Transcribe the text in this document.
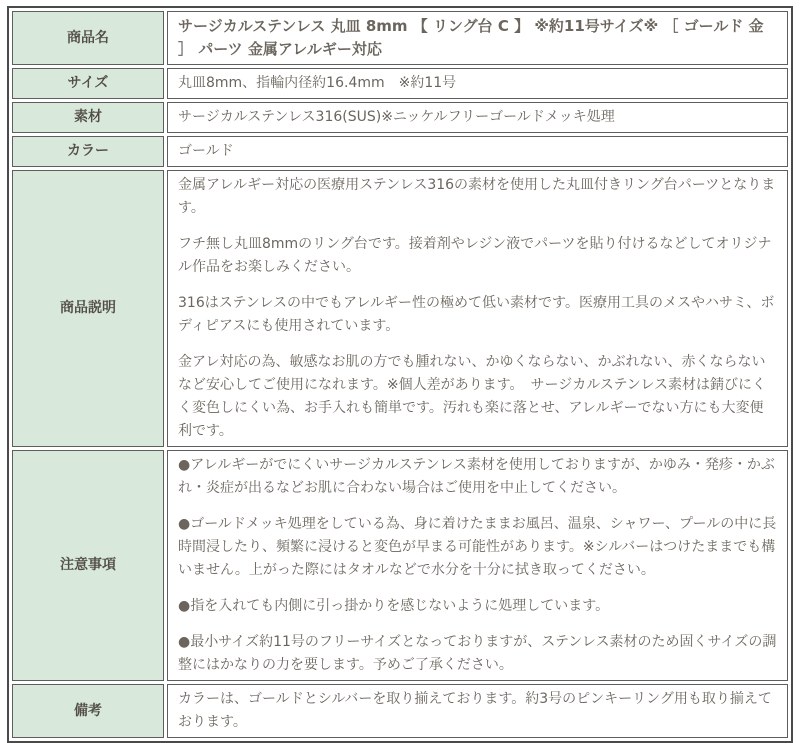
商品名	サージカルステンレス 丸皿 8mm 【 リング台 C 】 ※約11号サイズ※ ［ ゴールド 金 ］ パーツ 金属アレルギー対応

サイズ	丸皿8mm、指輪内径約16.4mm　※約11号

素材	サージカルステンレス316(SUS)※ニッケルフリーゴールドメッキ処理

カラー	ゴールド

商品説明	金属アレルギー対応の医療用ステンレス316の素材を使用した丸皿付きリング台パーツとなります。

フチ無し丸皿8mmのリング台です。接着剤やレジン液でパーツを貼り付けるなどしてオリジナル作品をお楽しみください。

316はステンレスの中でもアレルギー性の極めて低い素材です。医療用工具のメスやハサミ、ボディピアスにも使用されています。

金アレ対応の為、敏感なお肌の方でも腫れない、かゆくならない、かぶれない、赤くならないなど安心してご使用になれます。※個人差があります。　サージカルステンレス素材は錆びにくく変色しにくい為、お手入れも簡単です。汚れも楽に落とせ、アレルギーでない方にも大変便利です。

注意事項	●アレルギーがでにくいサージカルステンレス素材を使用しておりますが、かゆみ・発疹・かぶれ・炎症が出るなどお肌に合わない場合はご使用を中止してください。

●ゴールドメッキ処理をしている為、身に着けたままお風呂、温泉、シャワー、プールの中に長時間浸したり、頻繁に浸けると変色が早まる可能性があります。※シルバーはつけたままでも構いません。上がった際にはタオルなどで水分を十分に拭き取ってください。

●指を入れても内側に引っ掛かりを感じないように処理しています。

●最小サイズ約11号のフリーサイズとなっておりますが、ステンレス素材のため固くサイズの調整にはかなりの力を要します。予めご了承ください。

備考	カラーは、ゴールドとシルバーを取り揃えております。約3号のピンキーリング用も取り揃えております。
